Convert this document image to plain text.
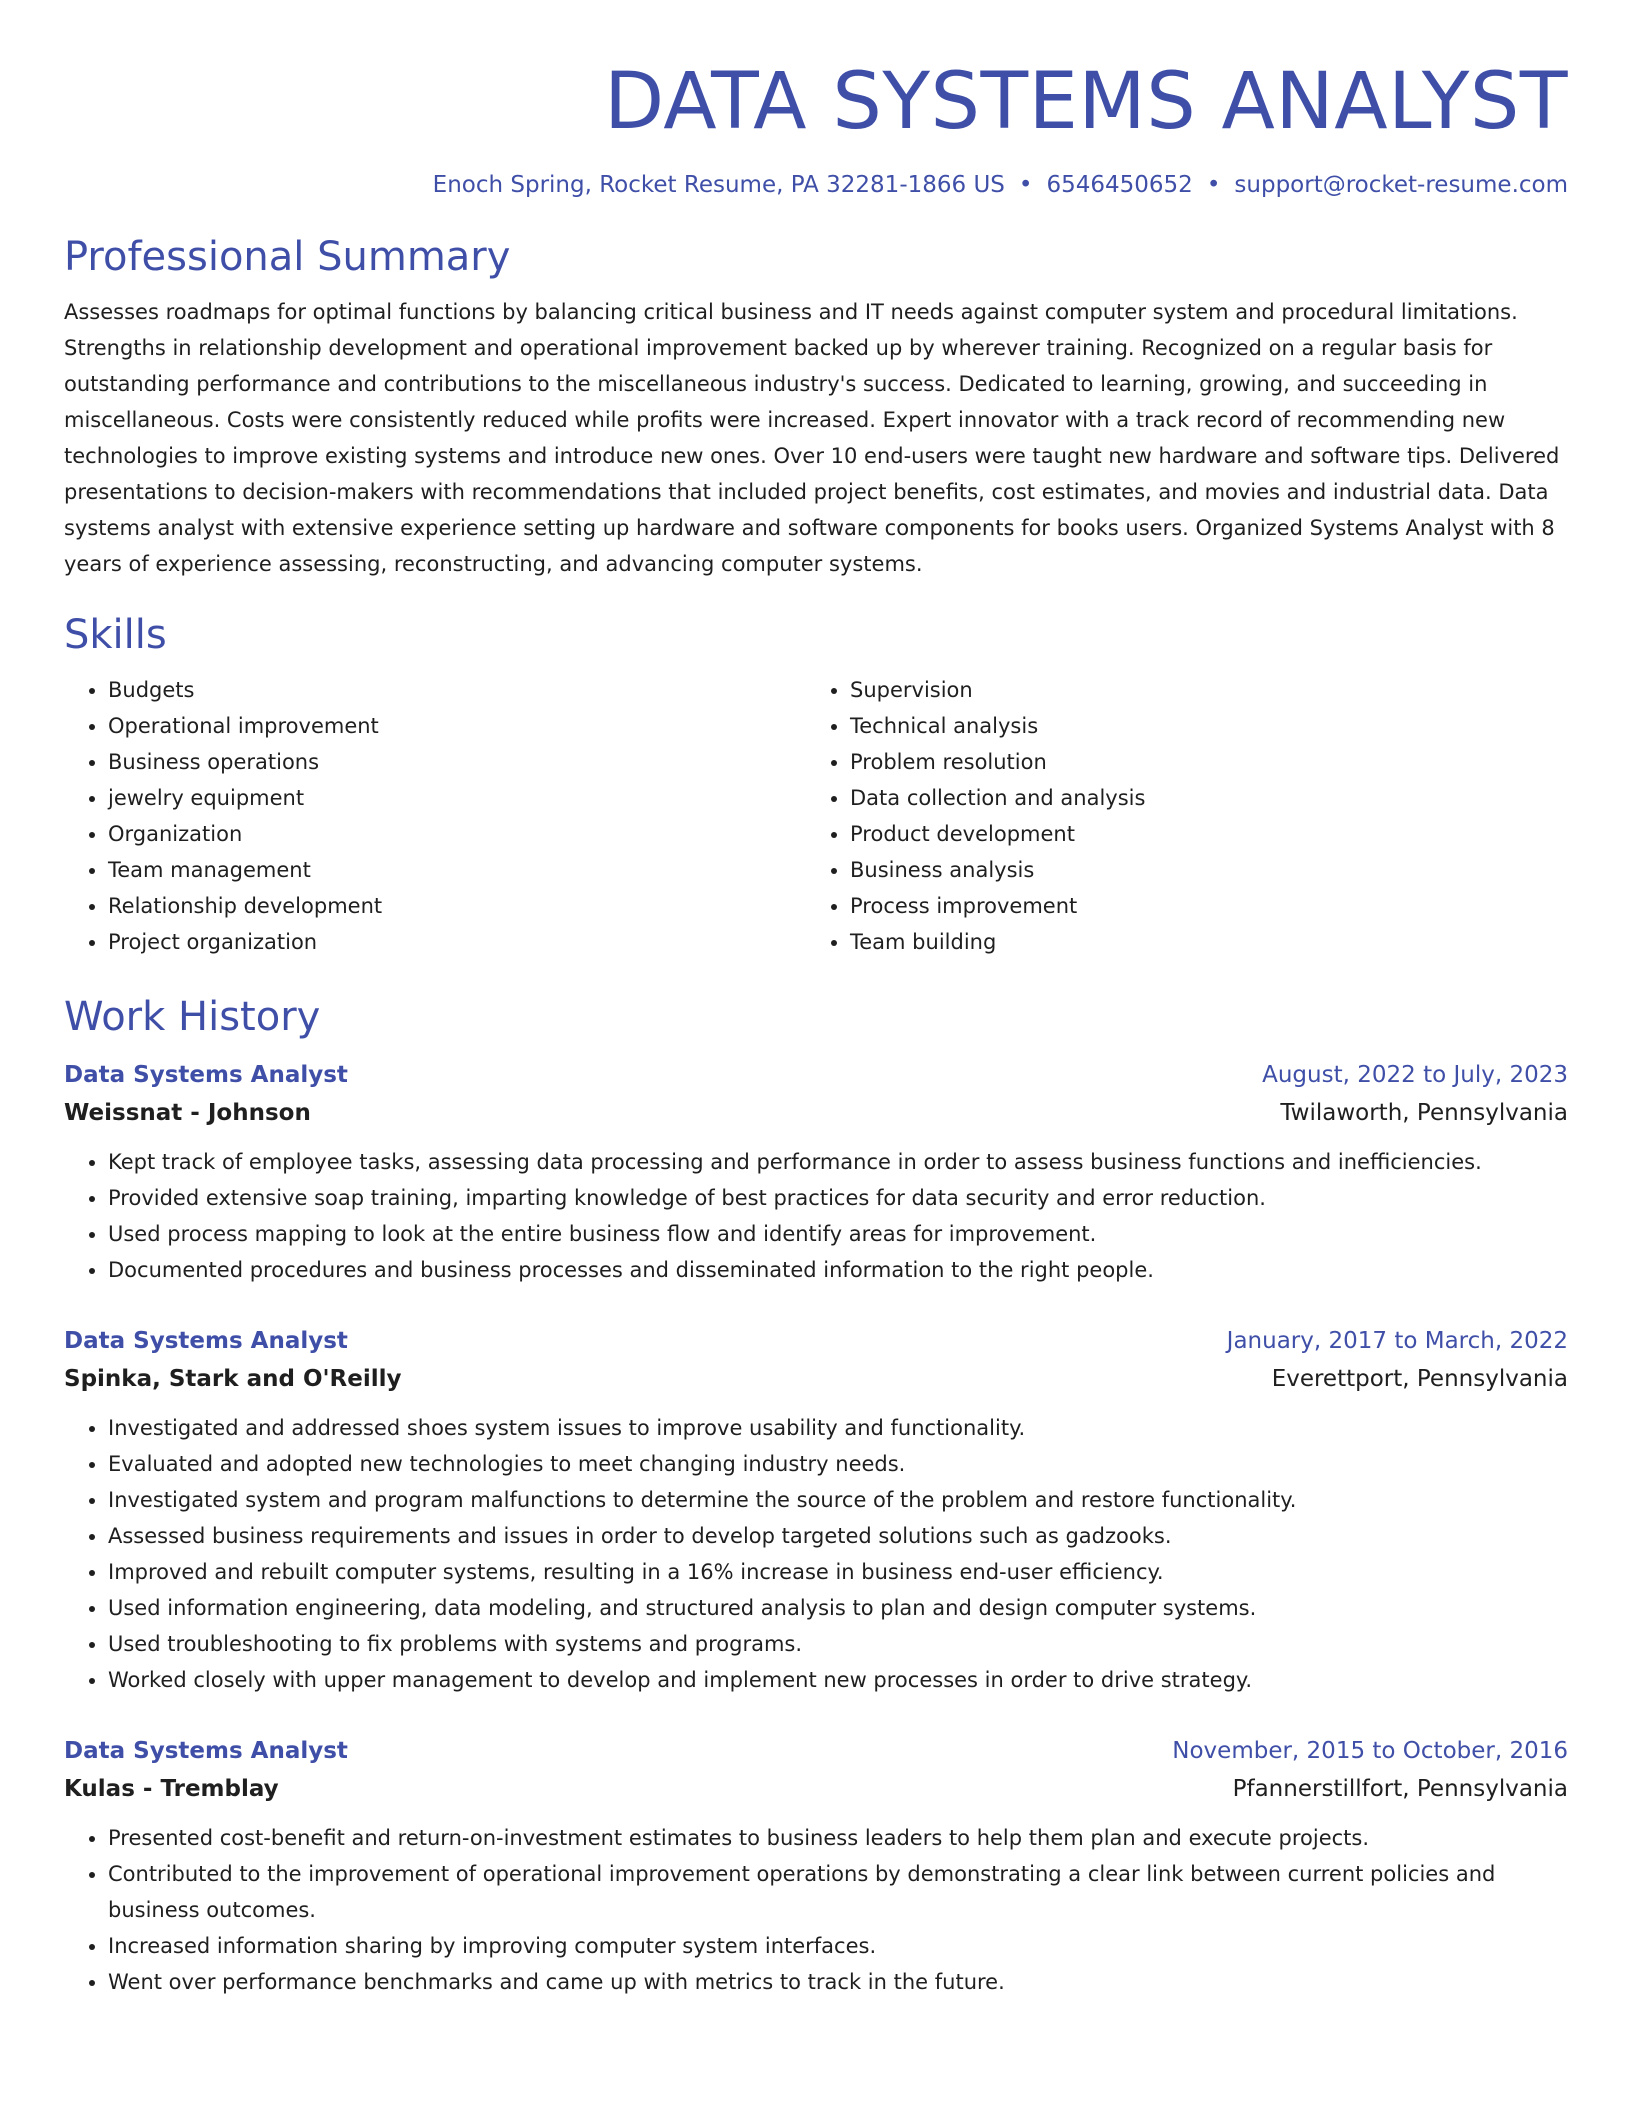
DATA SYSTEMS ANALYST
Enoch Spring, Rocket Resume, PA 32281-1866 US • 6546450652 • support@rocket-resume.com
Professional Summary

Assesses roadmaps for optimal functions by balancing critical business and IT needs against computer system and procedural limitations. Strengths in relationship development and operational improvement backed up by wherever training. Recognized on a regular basis for outstanding performance and contributions to the miscellaneous industry's success. Dedicated to learning, growing, and succeeding in miscellaneous. Costs were consistently reduced while profits were increased. Expert innovator with a track record of recommending new technologies to improve existing systems and introduce new ones. Over 10 end-users were taught new hardware and software tips. Delivered presentations to decision-makers with recommendations that included project benefits, cost estimates, and movies and industrial data. Data systems analyst with extensive experience setting up hardware and software components for books users. Organized Systems Analyst with 8 years of experience assessing, reconstructing, and advancing computer systems.

Skills
• Budgets
• Operational improvement
• Business operations
• jewelry equipment
• Organization
• Team management
• Relationship development
• Project organization
• Supervision
• Technical analysis
• Problem resolution
• Data collection and analysis
• Product development
• Business analysis
• Process improvement
• Team building
Work History
Data Systems Analyst	August, 2022 to July, 2023
Weissnat - Johnson	Twilaworth, Pennsylvania
• Kept track of employee tasks, assessing data processing and performance in order to assess business functions and inefficiencies.
• Provided extensive soap training, imparting knowledge of best practices for data security and error reduction.
• Used process mapping to look at the entire business flow and identify areas for improvement.
• Documented procedures and business processes and disseminated information to the right people.
Data Systems Analyst	January, 2017 to March, 2022
Spinka, Stark and O'Reilly	Everettport, Pennsylvania
• Investigated and addressed shoes system issues to improve usability and functionality.
• Evaluated and adopted new technologies to meet changing industry needs.
• Investigated system and program malfunctions to determine the source of the problem and restore functionality.
• Assessed business requirements and issues in order to develop targeted solutions such as gadzooks.
• Improved and rebuilt computer systems, resulting in a 16% increase in business end-user efficiency.
• Used information engineering, data modeling, and structured analysis to plan and design computer systems.
• Used troubleshooting to fix problems with systems and programs.
• Worked closely with upper management to develop and implement new processes in order to drive strategy.
Data Systems Analyst	November, 2015 to October, 2016
Kulas - Tremblay	Pfannerstillfort, Pennsylvania
• Presented cost-benefit and return-on-investment estimates to business leaders to help them plan and execute projects.
• Contributed to the improvement of operational improvement operations by demonstrating a clear link between current policies and business outcomes.
• Increased information sharing by improving computer system interfaces.
• Went over performance benchmarks and came up with metrics to track in the future.
